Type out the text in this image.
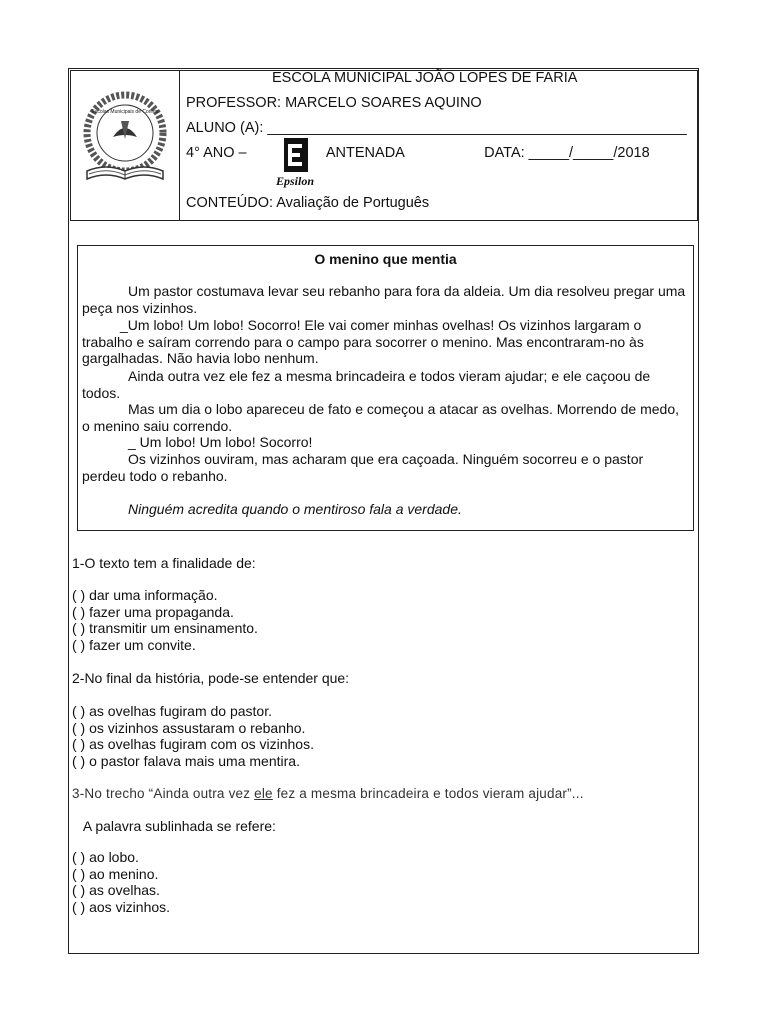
Escolas Municipais de Corinto
ESCOLA MUNICIPAL JOÃO LOPES DE FARIA
PROFESSOR: MARCELO SOARES AQUINO
ALUNO (A): ____________________________________________________
4° ANO –	ANTENADA	DATA: _____/_____/2018
Epsilon
CONTEÚDO: Avaliação de Português
O menino que mentia
Um pastor costumava levar seu rebanho para fora da aldeia. Um dia resolveu pregar uma peça nos vizinhos.
_Um lobo! Um lobo! Socorro! Ele vai comer minhas ovelhas! Os vizinhos largaram o trabalho e saíram correndo para o campo para socorrer o menino. Mas encontraram-no às gargalhadas. Não havia lobo nenhum.
Ainda outra vez ele fez a mesma brincadeira e todos vieram ajudar; e ele caçoou de todos.
Mas um dia o lobo apareceu de fato e começou a atacar as ovelhas. Morrendo de medo, o menino saiu correndo.
_ Um lobo! Um lobo! Socorro!
Os vizinhos ouviram, mas acharam que era caçoada. Ninguém socorreu e o pastor perdeu todo o rebanho.
Ninguém acredita quando o mentiroso fala a verdade.
1-O texto tem a finalidade de:
( ) dar uma informação.
( ) fazer uma propaganda.
( ) transmitir um ensinamento.
( ) fazer um convite.
2-No final da história, pode-se entender que:
( ) as ovelhas fugiram do pastor.
( ) os vizinhos assustaram o rebanho.
( ) as ovelhas fugiram com os vizinhos.
( ) o pastor falava mais uma mentira.
3-No trecho “Ainda outra vez ele fez a mesma brincadeira e todos vieram ajudar”...
A palavra sublinhada se refere:
( ) ao lobo.
( ) ao menino.
( ) as ovelhas.
( ) aos vizinhos.
